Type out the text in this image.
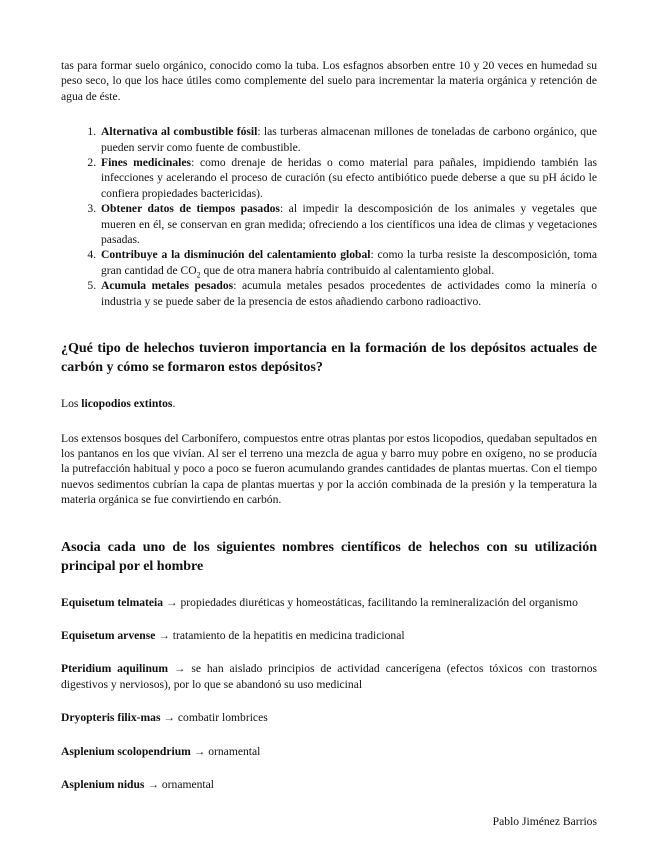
tas para formar suelo orgánico, conocido como la tuba. Los esfagnos absorben entre 10 y 20 veces en humedad su peso seco, lo que los hace útiles como complemente del suelo para incrementar la materia orgánica y retención de agua de éste.

1. Alternativa al combustible fósil: las turberas almacenan millones de toneladas de carbono orgánico, que pueden servir como fuente de combustible.
2. Fines medicinales: como drenaje de heridas o como material para pañales, impidiendo también las infecciones y acelerando el proceso de curación (su efecto antibiótico puede deberse a que su pH ácido le confiera propiedades bactericidas).
3. Obtener datos de tiempos pasados: al impedir la descomposición de los animales y vegetales que mueren en él, se conservan en gran medida; ofreciendo a los científicos una idea de climas y vegetaciones pasadas.
4. Contribuye a la disminución del calentamiento global: como la turba resiste la descomposición, toma gran cantidad de $CO_2$ que de otra manera habría contribuido al calentamiento global.
5. Acumula metales pesados: acumula metales pesados procedentes de actividades como la minería o industria y se puede saber de la presencia de estos añadiendo carbono radioactivo.
¿Qué tipo de helechos tuvieron importancia en la formación de los depósitos actuales de carbón y cómo se formaron estos depósitos?

Los licopodios extintos.

Los extensos bosques del Carbonífero, compuestos entre otras plantas por estos licopodios, quedaban sepultados en los pantanos en los que vivían. Al ser el terreno una mezcla de agua y barro muy pobre en oxígeno, no se producía la putrefacción habitual y poco a poco se fueron acumulando grandes cantidades de plantas muertas. Con el tiempo nuevos sedimentos cubrían la capa de plantas muertas y por la acción combinada de la presión y la temperatura la materia orgánica se fue convirtiendo en carbón.

Asocia cada uno de los siguientes nombres científicos de helechos con su utilización principal por el hombre

Equisetum telmateia → propiedades diuréticas y homeostáticas, facilitando la remineralización del organismo

Equisetum arvense → tratamiento de la hepatitis en medicina tradicional

Pteridium aquilinum → se han aislado principios de actividad cancerígena (efectos tóxicos con trastornos digestivos y nerviosos), por lo que se abandonó su uso medicinal

Dryopteris filix-mas → combatir lombrices

Asplenium scolopendrium → ornamental

Asplenium nidus → ornamental

Pablo Jiménez Barrios
